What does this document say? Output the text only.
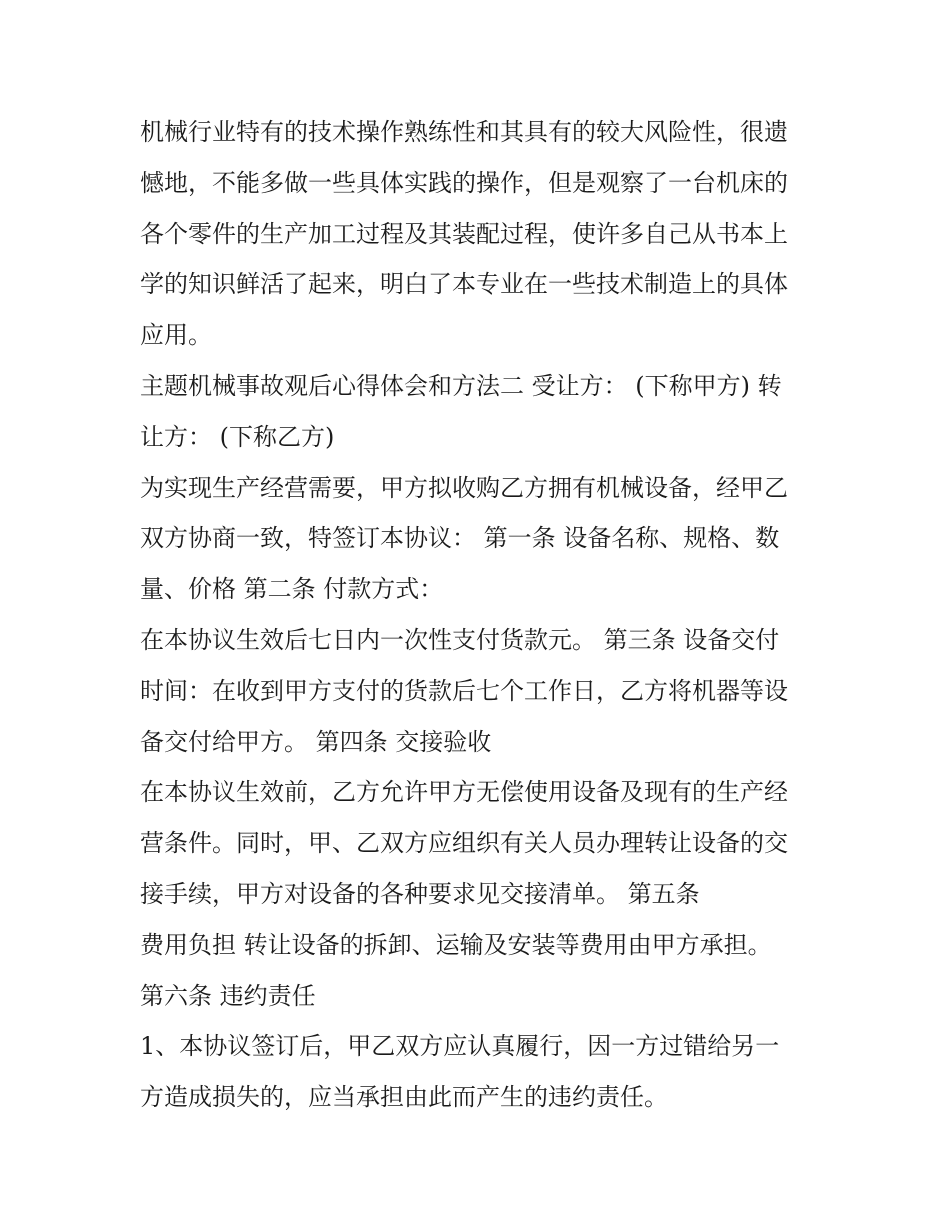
机械行业特有的技术操作熟练性和其具有的较大风险性，很遗
憾地，不能多做一些具体实践的操作，但是观察了一台机床的
各个零件的生产加工过程及其装配过程，使许多自己从书本上
学的知识鲜活了起来，明白了本专业在一些技术制造上的具体
应用。
主题机械事故观后心得体会和方法二 受让方： (下称甲方) 转
让方： (下称乙方)
为实现生产经营需要，甲方拟收购乙方拥有机械设备，经甲乙
双方协商一致，特签订本协议： 第一条 设备名称、规格、数
量、价格 第二条 付款方式：
在本协议生效后七日内一次性支付货款元。 第三条 设备交付
时间：在收到甲方支付的货款后七个工作日，乙方将机器等设
备交付给甲方。 第四条 交接验收
在本协议生效前，乙方允许甲方无偿使用设备及现有的生产经
营条件。同时，甲、乙双方应组织有关人员办理转让设备的交
接手续，甲方对设备的各种要求见交接清单。 第五条
费用负担 转让设备的拆卸、运输及安装等费用由甲方承担。
第六条 违约责任
1、本协议签订后，甲乙双方应认真履行，因一方过错给另一
方造成损失的，应当承担由此而产生的违约责任。
